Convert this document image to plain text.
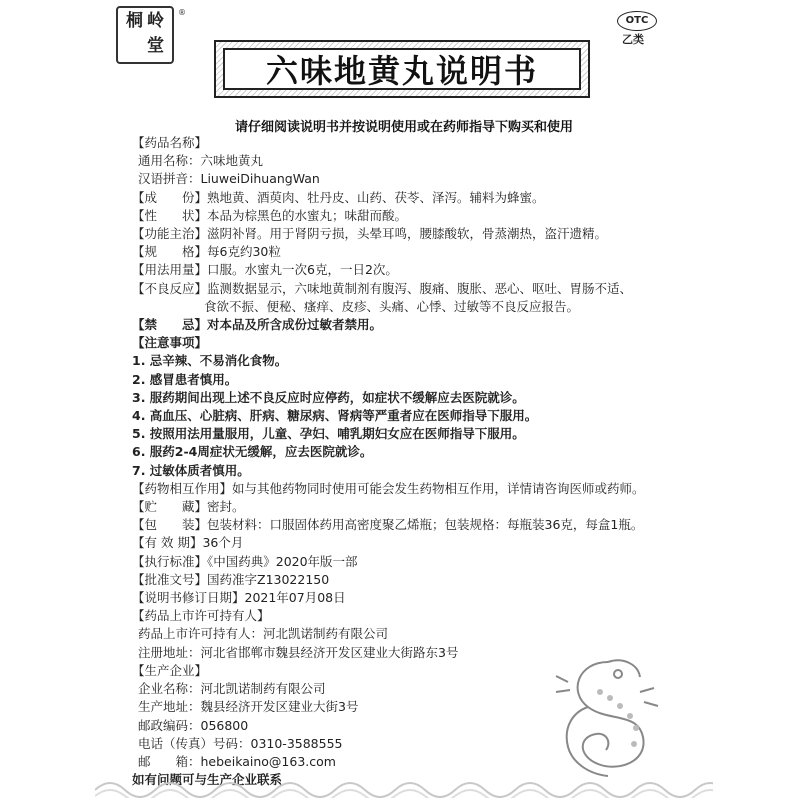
桐 岭
堂
®
OTC
乙类
六味地黄丸说明书
请仔细阅读说明书并按说明使用或在药师指导下购买和使用
【药品名称】
通用名称：六味地黄丸
汉语拼音：LiuweiDihuangWan
【成　　份】熟地黄、酒萸肉、牡丹皮、山药、茯苓、泽泻。辅料为蜂蜜。
【性　　状】本品为棕黑色的水蜜丸；味甜而酸。
【功能主治】滋阴补肾。用于肾阴亏损，头晕耳鸣，腰膝酸软，骨蒸潮热，盗汗遗精。
【规　　格】每6克约30粒
【用法用量】口服。水蜜丸一次6克，一日2次。
【不良反应】监测数据显示，六味地黄制剂有腹泻、腹痛、腹胀、恶心、呕吐、胃肠不适、
食欲不振、便秘、瘙痒、皮疹、头痛、心悸、过敏等不良反应报告。
【禁　　忌】对本品及所含成份过敏者禁用。
【注意事项】
1. 忌辛辣、不易消化食物。
2. 感冒患者慎用。
3. 服药期间出现上述不良反应时应停药，如症状不缓解应去医院就诊。
4. 高血压、心脏病、肝病、糖尿病、肾病等严重者应在医师指导下服用。
5. 按照用法用量服用，儿童、孕妇、哺乳期妇女应在医师指导下服用。
6. 服药2-4周症状无缓解，应去医院就诊。
7. 过敏体质者慎用。
【药物相互作用】如与其他药物同时使用可能会发生药物相互作用，详情请咨询医师或药师。
【贮　　藏】密封。
【包　　装】包装材料：口服固体药用高密度聚乙烯瓶；包装规格：每瓶装36克，每盒1瓶。
【有 效 期】36个月
【执行标准】《中国药典》2020年版一部
【批准文号】国药准字Z13022150
【说明书修订日期】2021年07月08日
【药品上市许可持有人】
药品上市许可持有人：河北凯诺制药有限公司
注册地址：河北省邯郸市魏县经济开发区建业大街路东3号
【生产企业】
企业名称：河北凯诺制药有限公司
生产地址：魏县经济开发区建业大街3号
邮政编码：056800
电话（传真）号码：0310-3588555
邮　　箱：hebeikaino@163.com
如有问题可与生产企业联系
